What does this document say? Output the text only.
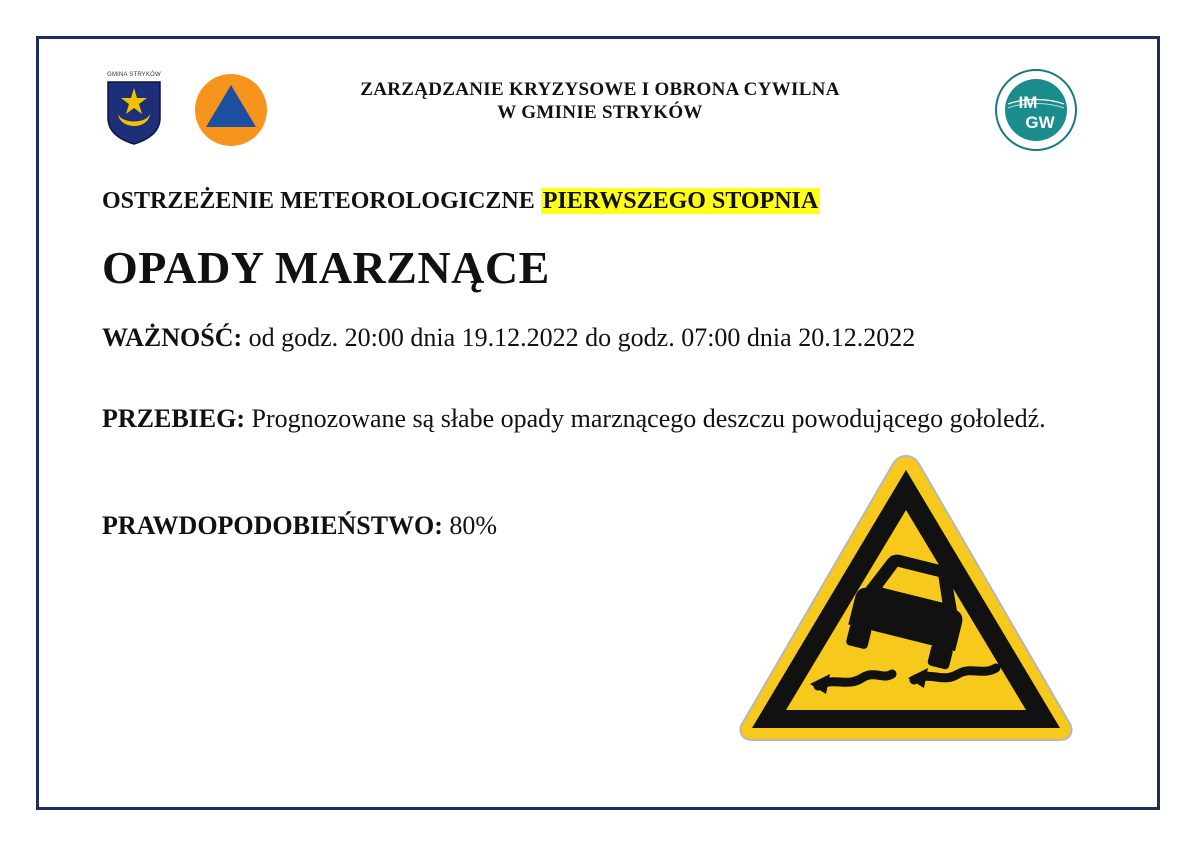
GMINA STRYKÓW
ZARZĄDZANIE KRYZYSOWE I OBRONA CYWILNA
W GMINIE STRYKÓW	IM
GW
OSTRZEŻENIE METEOROLOGICZNE PIERWSZEGO STOPNIA
OPADY MARZNĄCE
WAŻNOŚĆ: od godz. 20:00 dnia 19.12.2022 do godz. 07:00 dnia 20.12.2022
PRZEBIEG: Prognozowane są słabe opady marznącego deszczu powodującego gołoledź.
PRAWDOPODOBIEŃSTWO: 80%
